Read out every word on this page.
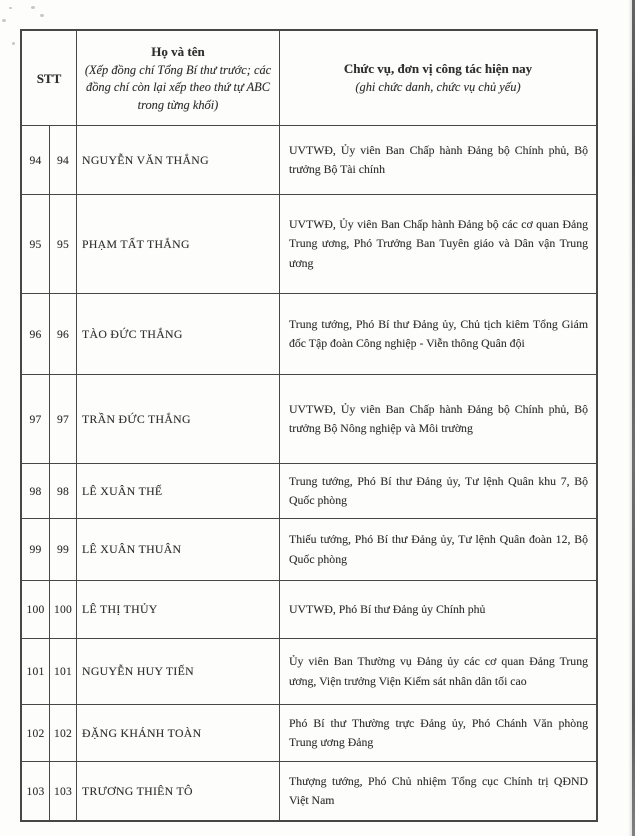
STT
Họ và tên
(Xếp đồng chí Tổng Bí thư trước; các đồng chí còn lại xếp theo thứ tự ABC trong từng khối)
Chức vụ, đơn vị công tác hiện nay
(ghi chức danh, chức vụ chủ yếu)
94 94 NGUYỄN VĂN THẮNG
UVTWĐ, Ủy viên Ban Chấp hành Đảng bộ Chính phủ, Bộ trưởng Bộ Tài chính
95 95 PHẠM TẤT THẮNG
UVTWĐ, Ủy viên Ban Chấp hành Đảng bộ các cơ quan Đảng Trung ương, Phó Trưởng Ban Tuyên giáo và Dân vận Trung ương
96 96 TÀO ĐỨC THẮNG
Trung tướng, Phó Bí thư Đảng ủy, Chủ tịch kiêm Tổng Giám đốc Tập đoàn Công nghiệp - Viễn thông Quân đội
97 97 TRẦN ĐỨC THẮNG
UVTWĐ, Ủy viên Ban Chấp hành Đảng bộ Chính phủ, Bộ trưởng Bộ Nông nghiệp và Môi trường
98 98 LÊ XUÂN THẾ
Trung tướng, Phó Bí thư Đảng ủy, Tư lệnh Quân khu 7, Bộ Quốc phòng
99 99 LÊ XUÂN THUÂN
Thiếu tướng, Phó Bí thư Đảng ủy, Tư lệnh Quân đoàn 12, Bộ Quốc phòng
100 100 LÊ THỊ THỦY	UVTWĐ, Phó Bí thư Đảng ủy Chính phủ
101 101 NGUYỄN HUY TIẾN
Ủy viên Ban Thường vụ Đảng ủy các cơ quan Đảng Trung ương, Viện trưởng Viện Kiểm sát nhân dân tối cao
102 102 ĐẶNG KHÁNH TOÀN
Phó Bí thư Thường trực Đảng ủy, Phó Chánh Văn phòng Trung ương Đảng
103 103 TRƯƠNG THIÊN TÔ
Thượng tướng, Phó Chủ nhiệm Tổng cục Chính trị QĐND Việt Nam
